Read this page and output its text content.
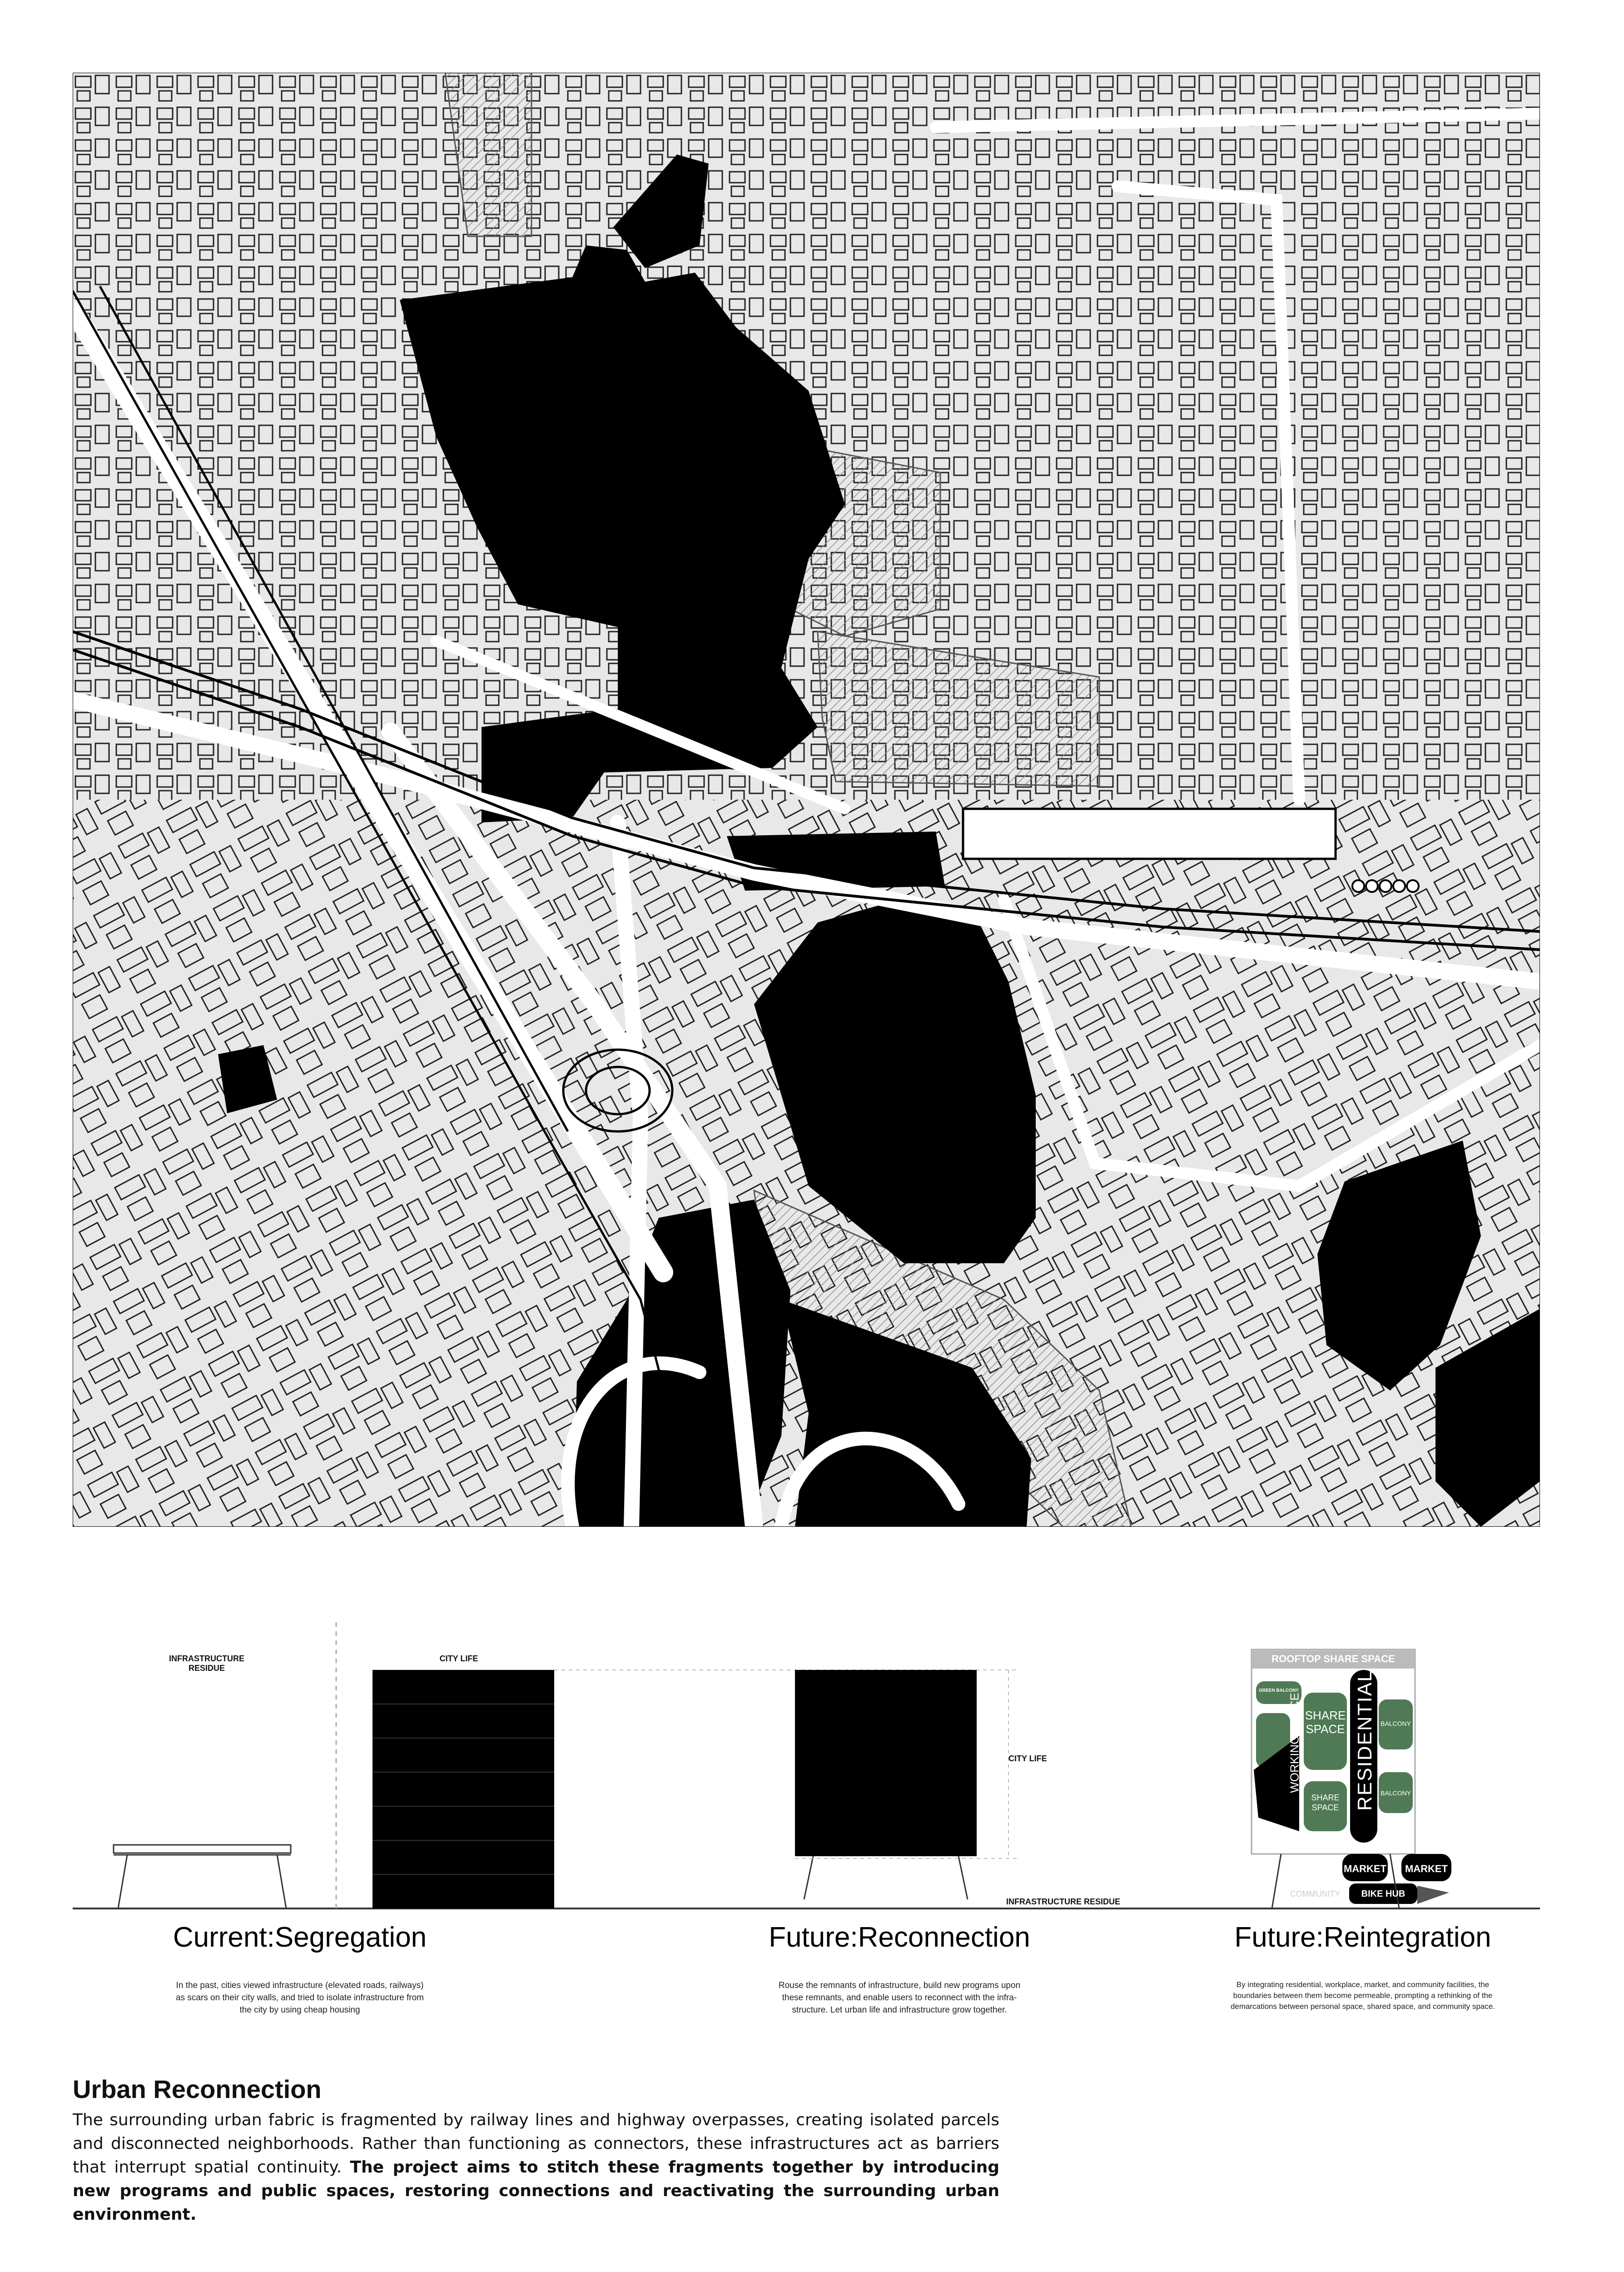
INFRASTRUCTURE
RESIDUE
CITY LIFE
CITY LIFE
INFRASTRUCTURE RESIDUE
ROOFTOP SHARE SPACE
GREEN BALCONY
SHARE
SPACE
SHARE
SPACE
WORKING SPACE	RESIDENTIAL BALCONY
BALCONY
MARKET	MARKET
COMMUNITY	BIKE HUB
Current:Segregation
In the past, cities viewed infrastructure (elevated roads, railways)
as scars on their city walls, and tried to isolate infrastructure from
the city by using cheap housing
Future:Reconnection
Rouse the remnants of infrastructure, build new programs upon
these remnants, and enable users to reconnect with the infra-
structure. Let urban life and infrastructure grow together.
Future:Reintegration
By integrating residential, workplace, market, and community facilities, the
boundaries between them become permeable, prompting a rethinking of the
demarcations between personal space, shared space, and community space.
Urban Reconnection
The surrounding urban fabric is fragmented by railway lines and highway overpasses, creating isolated parcels and disconnected neighborhoods. Rather than functioning as connectors, these infrastructures act as barriers that interrupt spatial continuity. The project aims to stitch these fragments together by introducing new programs and public spaces, restoring connections and reactivating the surrounding urban environment.
